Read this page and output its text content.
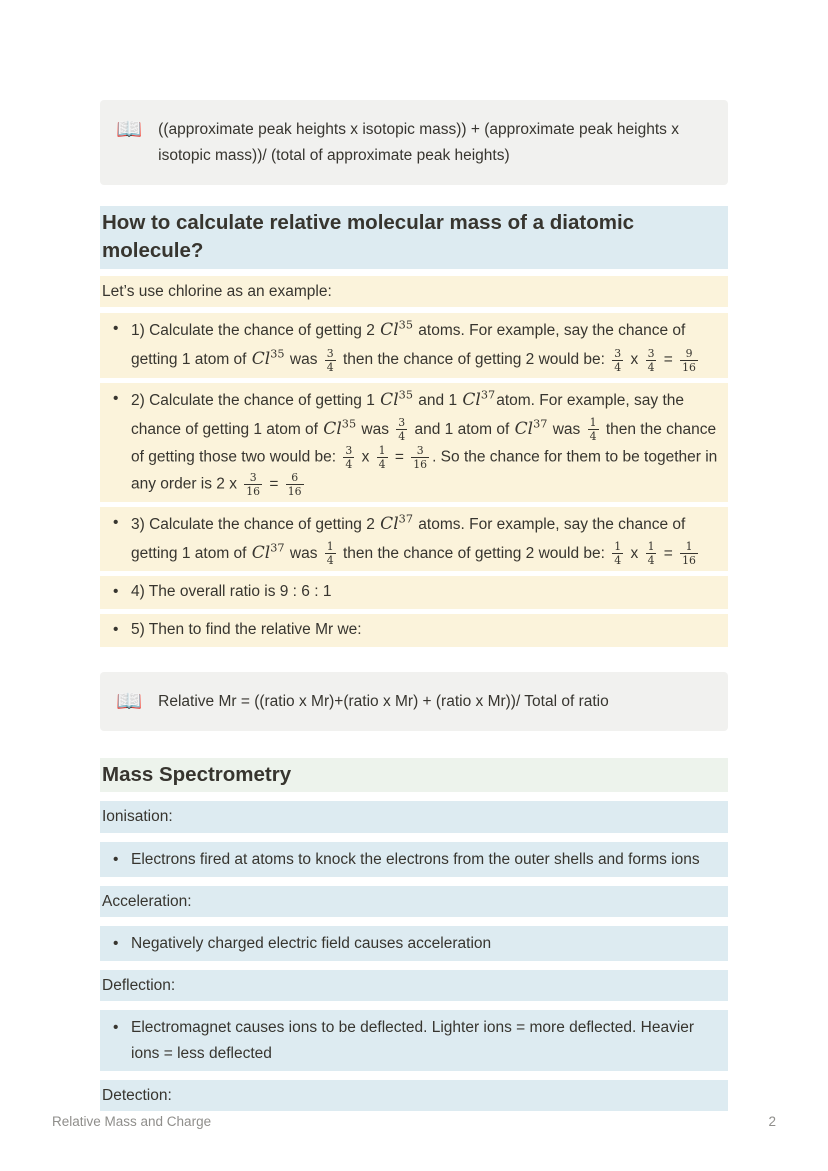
📖 ((approximate peak heights x isotopic mass)) + (approximate peak heights x isotopic mass))/ (total of approximate peak heights)
How to calculate relative molecular mass of a diatomic molecule?

Let’s use chlorine as an example:

• 1) Calculate the chance of getting 2 Cl$^{35}$ atoms. For example, say the chance of getting 1 atom of Cl$^{35}$ was $\frac{3}{4}$ then the chance of getting 2 would be: $\frac{3}{4}$ x $\frac{3}{4} = \frac{9}{16}$
• 2) Calculate the chance of getting 1 Cl$^{35}$ and 1 Cl$^{37}$atom. For example, say the chance of getting 1 atom of Cl$^{35}$ was $\frac{3}{4}$ and 1 atom of Cl$^{37}$ was $\frac{1}{4}$ then the chance of getting those two would be: $\frac{3}{4}$ x $\frac{1}{4} = \frac{3}{16}$ . So the chance for them to be together in any order is 2 x $\frac{3}{16} = \frac{6}{16}$
• 3) Calculate the chance of getting 2 Cl$^{37}$ atoms. For example, say the chance of getting 1 atom of Cl$^{37}$ was $\frac{1}{4}$ then the chance of getting 2 would be: $\frac{1}{4}$ x $\frac{1}{4} = \frac{1}{16}$
• 4) The overall ratio is 9 : 6 : 1
• 5) Then to find the relative Mr we:
📖 Relative Mr = ((ratio x Mr)+(ratio x Mr) + (ratio x Mr))/ Total of ratio
Mass Spectrometry

Ionisation:

• Electrons fired at atoms to knock the electrons from the outer shells and forms ions

Acceleration:

• Negatively charged electric field causes acceleration

Deflection:

• Electromagnet causes ions to be deflected. Lighter ions = more deflected. Heavier ions = less deflected

Detection:

Relative Mass and Charge	2
